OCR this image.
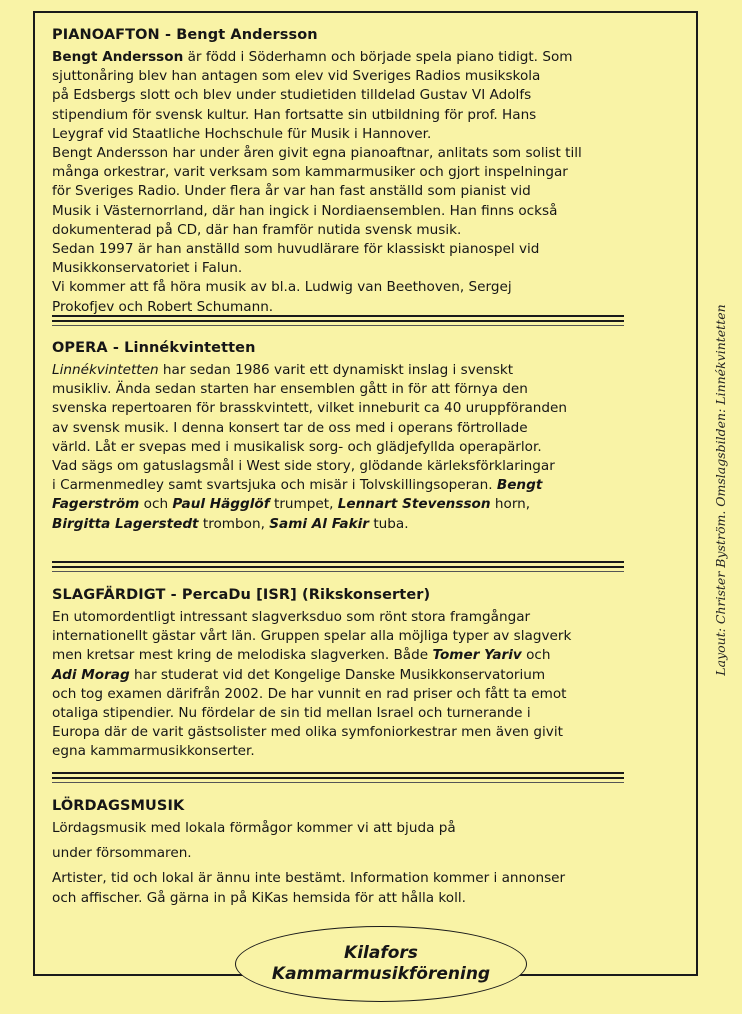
PIANOAFTON - Bengt Andersson
Bengt Andersson är född i Söderhamn och började spela piano tidigt. Som
sjuttonåring blev han antagen som elev vid Sveriges Radios musikskola
på Edsbergs slott och blev under studietiden tilldelad Gustav VI Adolfs
stipendium för svensk kultur. Han fortsatte sin utbildning för prof. Hans
Leygraf vid Staatliche Hochschule für Musik i Hannover.
Bengt Andersson har under åren givit egna pianoaftnar, anlitats som solist till
många orkestrar, varit verksam som kammarmusiker och gjort inspelningar
för Sveriges Radio. Under flera år var han fast anställd som pianist vid
Musik i Västernorrland, där han ingick i Nordiaensemblen. Han finns också
dokumenterad på CD, där han framför nutida svensk musik.
Sedan 1997 är han anställd som huvudlärare för klassiskt pianospel vid
Musikkonservatoriet i Falun.
Vi kommer att få höra musik av bl.a. Ludwig van Beethoven, Sergej
Prokofjev och Robert Schumann.
OPERA - Linnékvintetten
Linnékvintetten har sedan 1986 varit ett dynamiskt inslag i svenskt
musikliv. Ända sedan starten har ensemblen gått in för att förnya den
svenska repertoaren för brasskvintett, vilket inneburit ca 40 uruppföranden
av svensk musik. I denna konsert tar de oss med i operans förtrollade
värld. Låt er svepas med i musikalisk sorg- och glädjefyllda operapärlor.
Vad sägs om gatuslagsmål i West side story, glödande kärleksförklaringar
i Carmenmedley samt svartsjuka och misär i Tolvskillingsoperan. Bengt
Fagerström och Paul Hägglöf trumpet, Lennart Stevensson horn,
Birgitta Lagerstedt trombon, Sami Al Fakir tuba.
SLAGFÄRDIGT - PercaDu [ISR] (Rikskonserter)
En utomordentligt intressant slagverksduo som rönt stora framgångar
internationellt gästar vårt län. Gruppen spelar alla möjliga typer av slagverk
men kretsar mest kring de melodiska slagverken. Både Tomer Yariv och
Adi Morag har studerat vid det Kongelige Danske Musikkonservatorium
och tog examen därifrån 2002. De har vunnit en rad priser och fått ta emot
otaliga stipendier. Nu fördelar de sin tid mellan Israel och turnerande i
Europa där de varit gästsolister med olika symfoniorkestrar men även givit
egna kammarmusikkonserter.
LÖRDAGSMUSIK
Lördagsmusik med lokala förmågor kommer vi att bjuda på
under försommaren.
Artister, tid och lokal är ännu inte bestämt. Information kommer i annonser
och affischer. Gå gärna in på KiKas hemsida för att hålla koll.
Layout: Christer Byström. Omslagsbilden: Linnékvintetten
Kilafors
Kammarmusikförening
